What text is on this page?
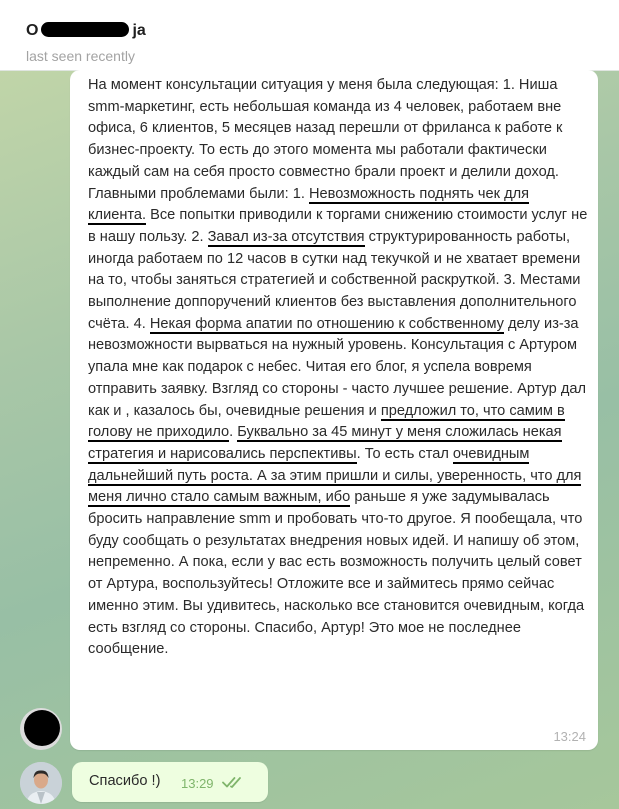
O	ja
last seen recently

На момент консультации ситуация у меня была следующая: 1. Ниша smm-маркетинг, есть небольшая команда из 4 человек, работаем вне офиса, 6 клиентов, 5 месяцев назад перешли от фриланса к работе к бизнес-проекту. То есть до этого момента мы работали фактически каждый сам на себя просто совместно брали проект и делили доход. Главными проблемами были: 1. Невозможность поднять чек для клиента. Все попытки приводили к торгами снижению стоимости услуг не в нашу пользу. 2. Завал из-за отсутствия структурированность работы, иногда работаем по 12 часов в сутки над текучкой и не хватает времени на то, чтобы заняться стратегией и собственной раскруткой. 3. Местами выполнение доппоручений клиентов без выставления дополнительного счёта. 4. Некая форма апатии по отношению к собственному делу из-за невозможности вырваться на нужный уровень. Консультация с Артуром упала мне как подарок с небес. Читая его блог, я успела вовремя отправить заявку. Взгляд со стороны - часто лучшее решение. Артур дал как и , казалось бы, очевидные решения и предложил то, что самим в голову не приходило. Буквально за 45 минут у меня сложилась некая стратегия и нарисовались перспективы. То есть стал очевидным дальнейший путь роста. А за этим пришли и силы, уверенность, что для меня лично стало самым важным, ибо раньше я уже задумывалась бросить направление smm и пробовать что-то другое. Я пообещала, что буду сообщать о результатах внедрения новых идей. И напишу об этом, непременно. А пока, если у вас есть возможность получить целый совет от Артура, воспользуйтесь! Отложите все и займитесь прямо сейчас именно этим. Вы удивитесь, насколько все становится очевидным, когда есть взгляд со стороны. Спасибо, Артур! Это мое не последнее сообщение.

13:24
Спасибо !) 13:29
